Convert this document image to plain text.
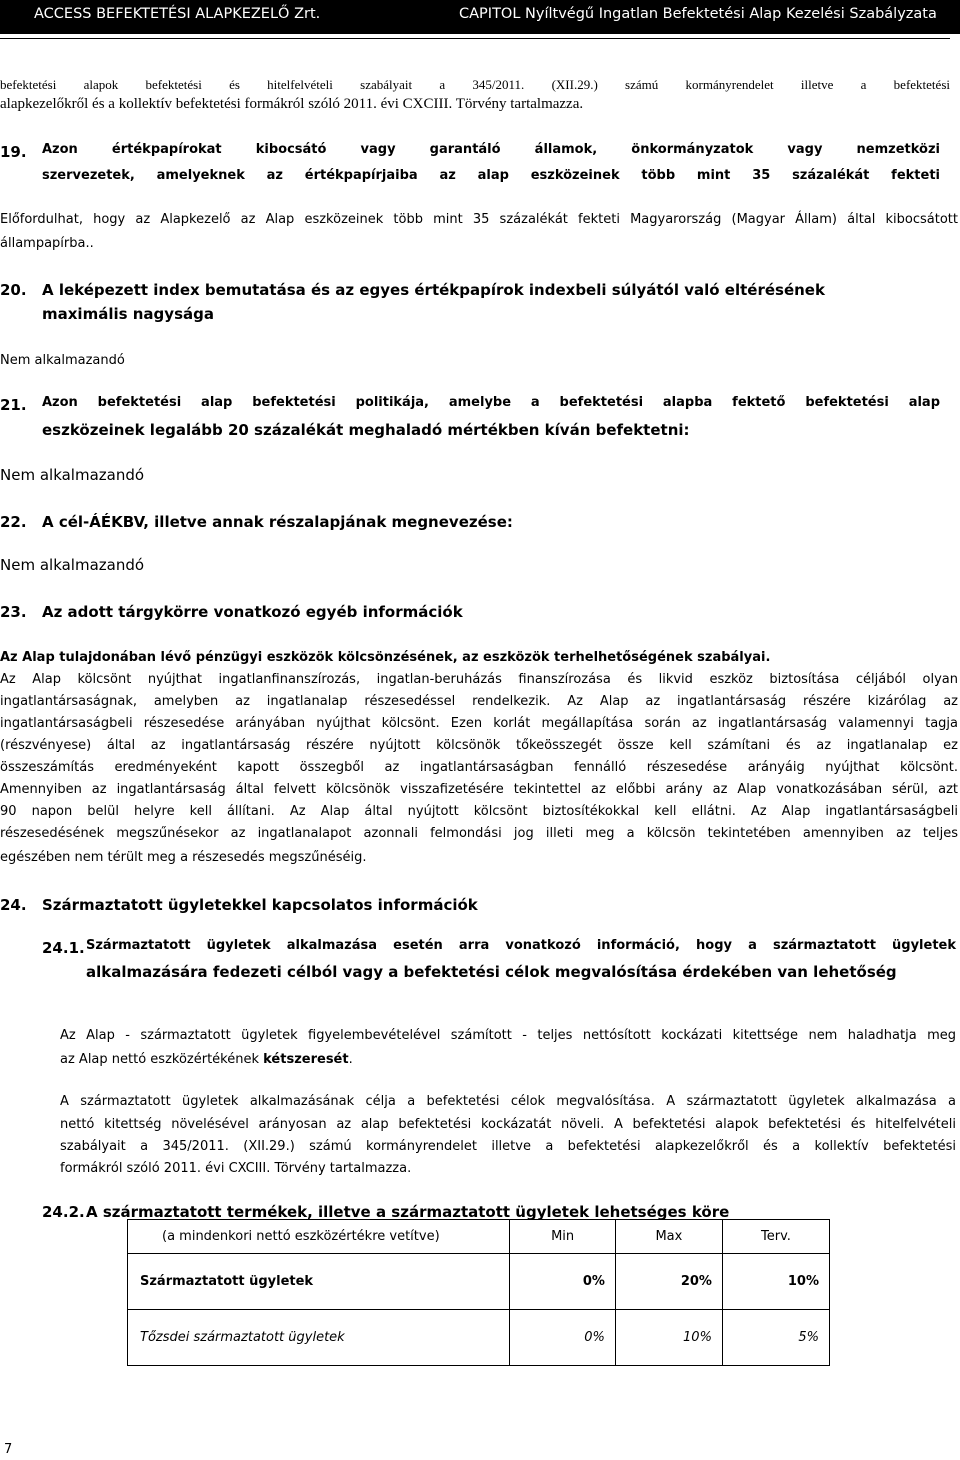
ACCESS BEFEKTETÉSI ALAPKEZELŐ Zrt.	CAPITOL Nyíltvégű Ingatlan Befektetési Alap Kezelési Szabályzata
befektetési alapok befektetési és hitelfelvételi szabályait a 345/2011. (XII.29.) számú kormányrendelet illetve a befektetési
alapkezelőkről és a kollektív befektetési formákról szóló 2011. évi CXCIII. Törvény tartalmazza.
19. Azon értékpapírokat kibocsátó vagy garantáló államok, önkormányzatok vagy nemzetközi
szervezetek, amelyeknek az értékpapírjaiba az alap eszközeinek több mint 35 százalékát fekteti
Előfordulhat, hogy az Alapkezelő az Alap eszközeinek több mint 35 százalékát fekteti Magyarország (Magyar Állam) által kibocsátott
állampapírba..
20. A leképezett index bemutatása és az egyes értékpapírok indexbeli súlyától való eltérésének
maximális nagysága
Nem alkalmazandó
21. Azon befektetési alap befektetési politikája, amelybe a befektetési alapba fektető befektetési alap
eszközeinek legalább 20 százalékát meghaladó mértékben kíván befektetni:
Nem alkalmazandó
22. A cél-ÁÉKBV, illetve annak részalapjának megnevezése:
Nem alkalmazandó
23. Az adott tárgykörre vonatkozó egyéb információk
Az Alap tulajdonában lévő pénzügyi eszközök kölcsönzésének, az eszközök terhelhetőségének szabályai.
Az Alap kölcsönt nyújthat ingatlanfinanszírozás, ingatlan-beruházás finanszírozása és likvid eszköz biztosítása céljából olyan
ingatlantársaságnak, amelyben az ingatlanalap részesedéssel rendelkezik. Az Alap az ingatlantársaság részére kizárólag az
ingatlantársaságbeli részesedése arányában nyújthat kölcsönt. Ezen korlát megállapítása során az ingatlantársaság valamennyi tagja
(részvényese) által az ingatlantársaság részére nyújtott kölcsönök tőkeösszegét össze kell számítani és az ingatlanalap ez
összeszámítás eredményeként kapott összegből az ingatlantársaságban fennálló részesedése arányáig nyújthat kölcsönt.
Amennyiben az ingatlantársaság által felvett kölcsönök visszafizetésére tekintettel az előbbi arány az Alap vonatkozásában sérül, azt
90 napon belül helyre kell állítani. Az Alap által nyújtott kölcsönt biztosítékokkal kell ellátni. Az Alap ingatlantársaságbeli
részesedésének megszűnésekor az ingatlanalapot azonnali felmondási jog illeti meg a kölcsön tekintetében amennyiben az teljes
egészében nem térült meg a részesedés megszűnéséig.
24. Származtatott ügyletekkel kapcsolatos információk
24.1. Származtatott ügyletek alkalmazása esetén arra vonatkozó információ, hogy a származtatott ügyletek
alkalmazására fedezeti célból vagy a befektetési célok megvalósítása érdekében van lehetőség
Az Alap - származtatott ügyletek figyelembevételével számított - teljes nettósított kockázati kitettsége nem haladhatja meg
az Alap nettó eszközértékének kétszeresét.
A származtatott ügyletek alkalmazásának célja a befektetési célok megvalósítása. A származtatott ügyletek alkalmazása a
nettó kitettség növelésével arányosan az alap befektetési kockázatát növeli. A befektetési alapok befektetési és hitelfelvételi
szabályait a 345/2011. (XII.29.) számú kormányrendelet illetve a befektetési alapkezelőkről és a kollektív befektetési
formákról szóló 2011. évi CXCIII. Törvény tartalmazza.
24.2. A származtatott termékek, illetve a származtatott ügyletek lehetséges köre
(a mindenkori nettó eszközértékre vetítve)	Min	Max	Terv.
Származtatott ügyletek	0%	20%	10%
Tőzsdei származtatott ügyletek	0%	10%	5%
7
